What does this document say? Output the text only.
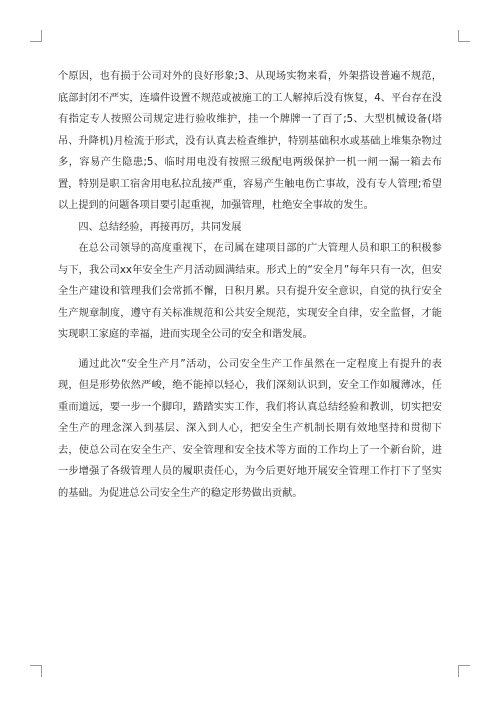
个原因，也有损于公司对外的良好形象;3、从现场实物来看，外架搭设普遍不规范，底部封闭不严实，连墙件设置不规范或被施工的工人解掉后没有恢复，4、平台存在没有指定专人按照公司规定进行验收维护，挂一个牌牌一了百了;5、大型机械设备(塔吊、升降机)月检流于形式，没有认真去检查维护，特别基础积水或基础上堆集杂物过多，容易产生隐患;5、临时用电没有按照三级配电两级保护一机一闸一漏一箱去布置，特别是职工宿舍用电私拉乱接严重，容易产生触电伤亡事故，没有专人管理;希望以上提到的问题各项目要引起重视，加强管理，杜绝安全事故的发生。

四、总结经验，再接再厉，共同发展

在总公司领导的高度重视下，在司属在建项目部的广大管理人员和职工的积极参与下，我公司xx年安全生产月活动圆满结束。形式上的“安全月”每年只有一次，但安全生产建设和管理我们会常抓不懈，日积月累。只有提升安全意识，自觉的执行安全生产规章制度，遵守有关标准规范和公共安全规范，实现安全自律，安全监督，才能实现职工家庭的幸福，进而实现全公司的安全和谐发展。

通过此次“安全生产月”活动，公司安全生产工作虽然在一定程度上有提升的表现，但是形势依然严峻，绝不能掉以轻心，我们深刻认识到，安全工作如履薄冰，任重而道远，要一步一个脚印，踏踏实实工作，我们将认真总结经验和教训，切实把安全生产的理念深入到基层、深入到人心，把安全生产机制长期有效地坚持和贯彻下去，使总公司在安全生产、安全管理和安全技术等方面的工作均上了一个新台阶，进一步增强了各级管理人员的履职责任心，为今后更好地开展安全管理工作打下了坚实的基础。为促进总公司安全生产的稳定形势做出贡献。
